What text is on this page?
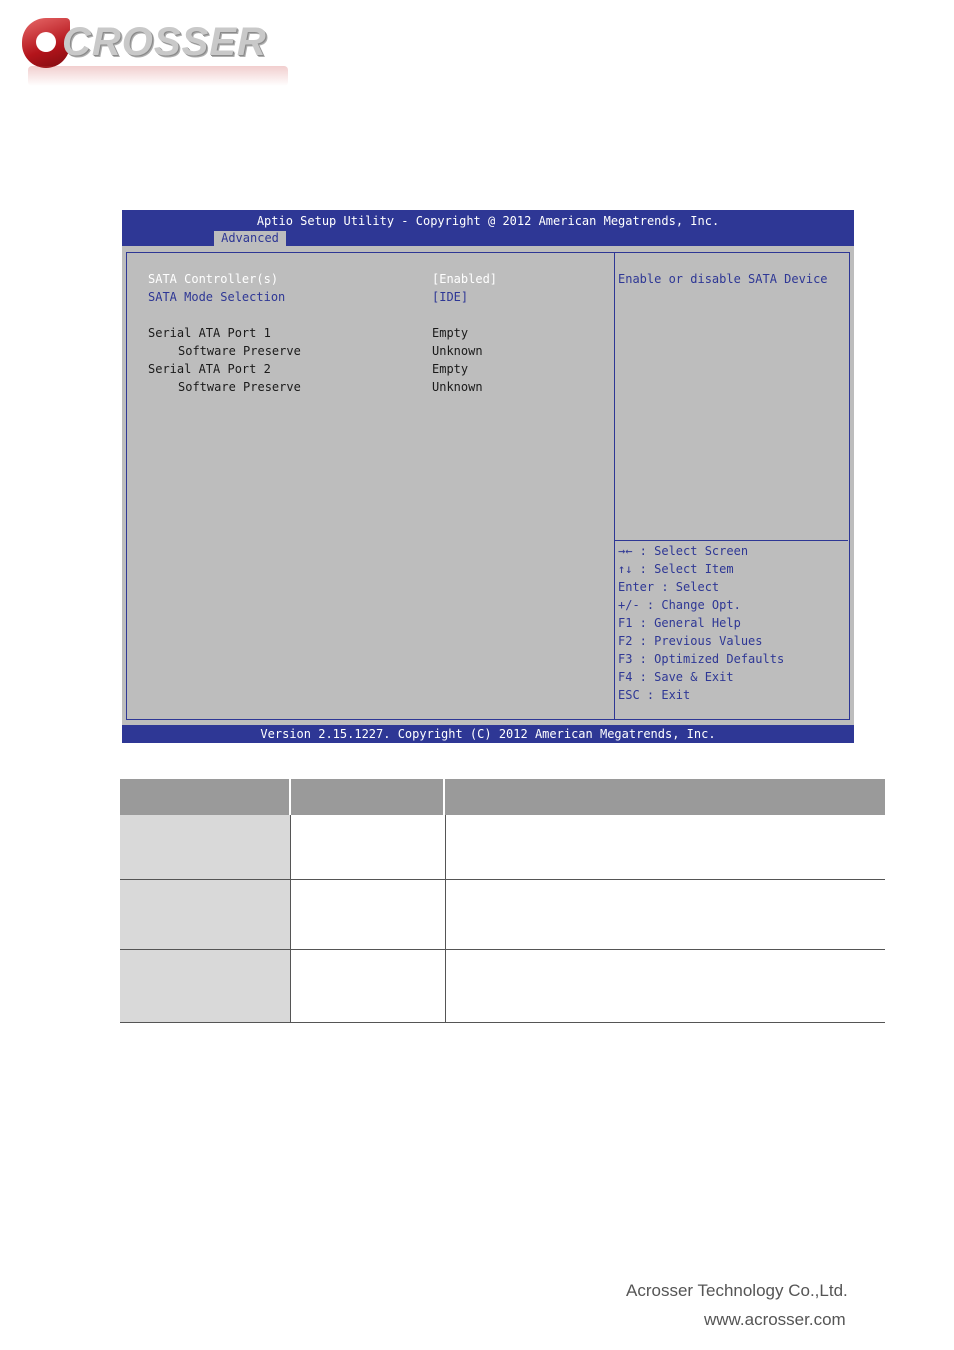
CROSSER
Aptio Setup Utility - Copyright @ 2012 American Megatrends, Inc.
Advanced
SATA Controller(s)	[Enabled]
SATA Mode Selection	[IDE]
Serial ATA Port 1	Empty
Software Preserve	Unknown
Serial ATA Port 2	Empty
Software Preserve	Unknown
Enable or disable SATA Device
→← : Select Screen
↑↓ : Select Item
Enter : Select
+/- : Change Opt.
F1 : General Help
F2 : Previous Values
F3 : Optimized Defaults
F4 : Save & Exit
ESC : Exit
Version 2.15.1227. Copyright (C) 2012 American Megatrends, Inc.
Acrosser Technology Co.,Ltd.
www.acrosser.com
